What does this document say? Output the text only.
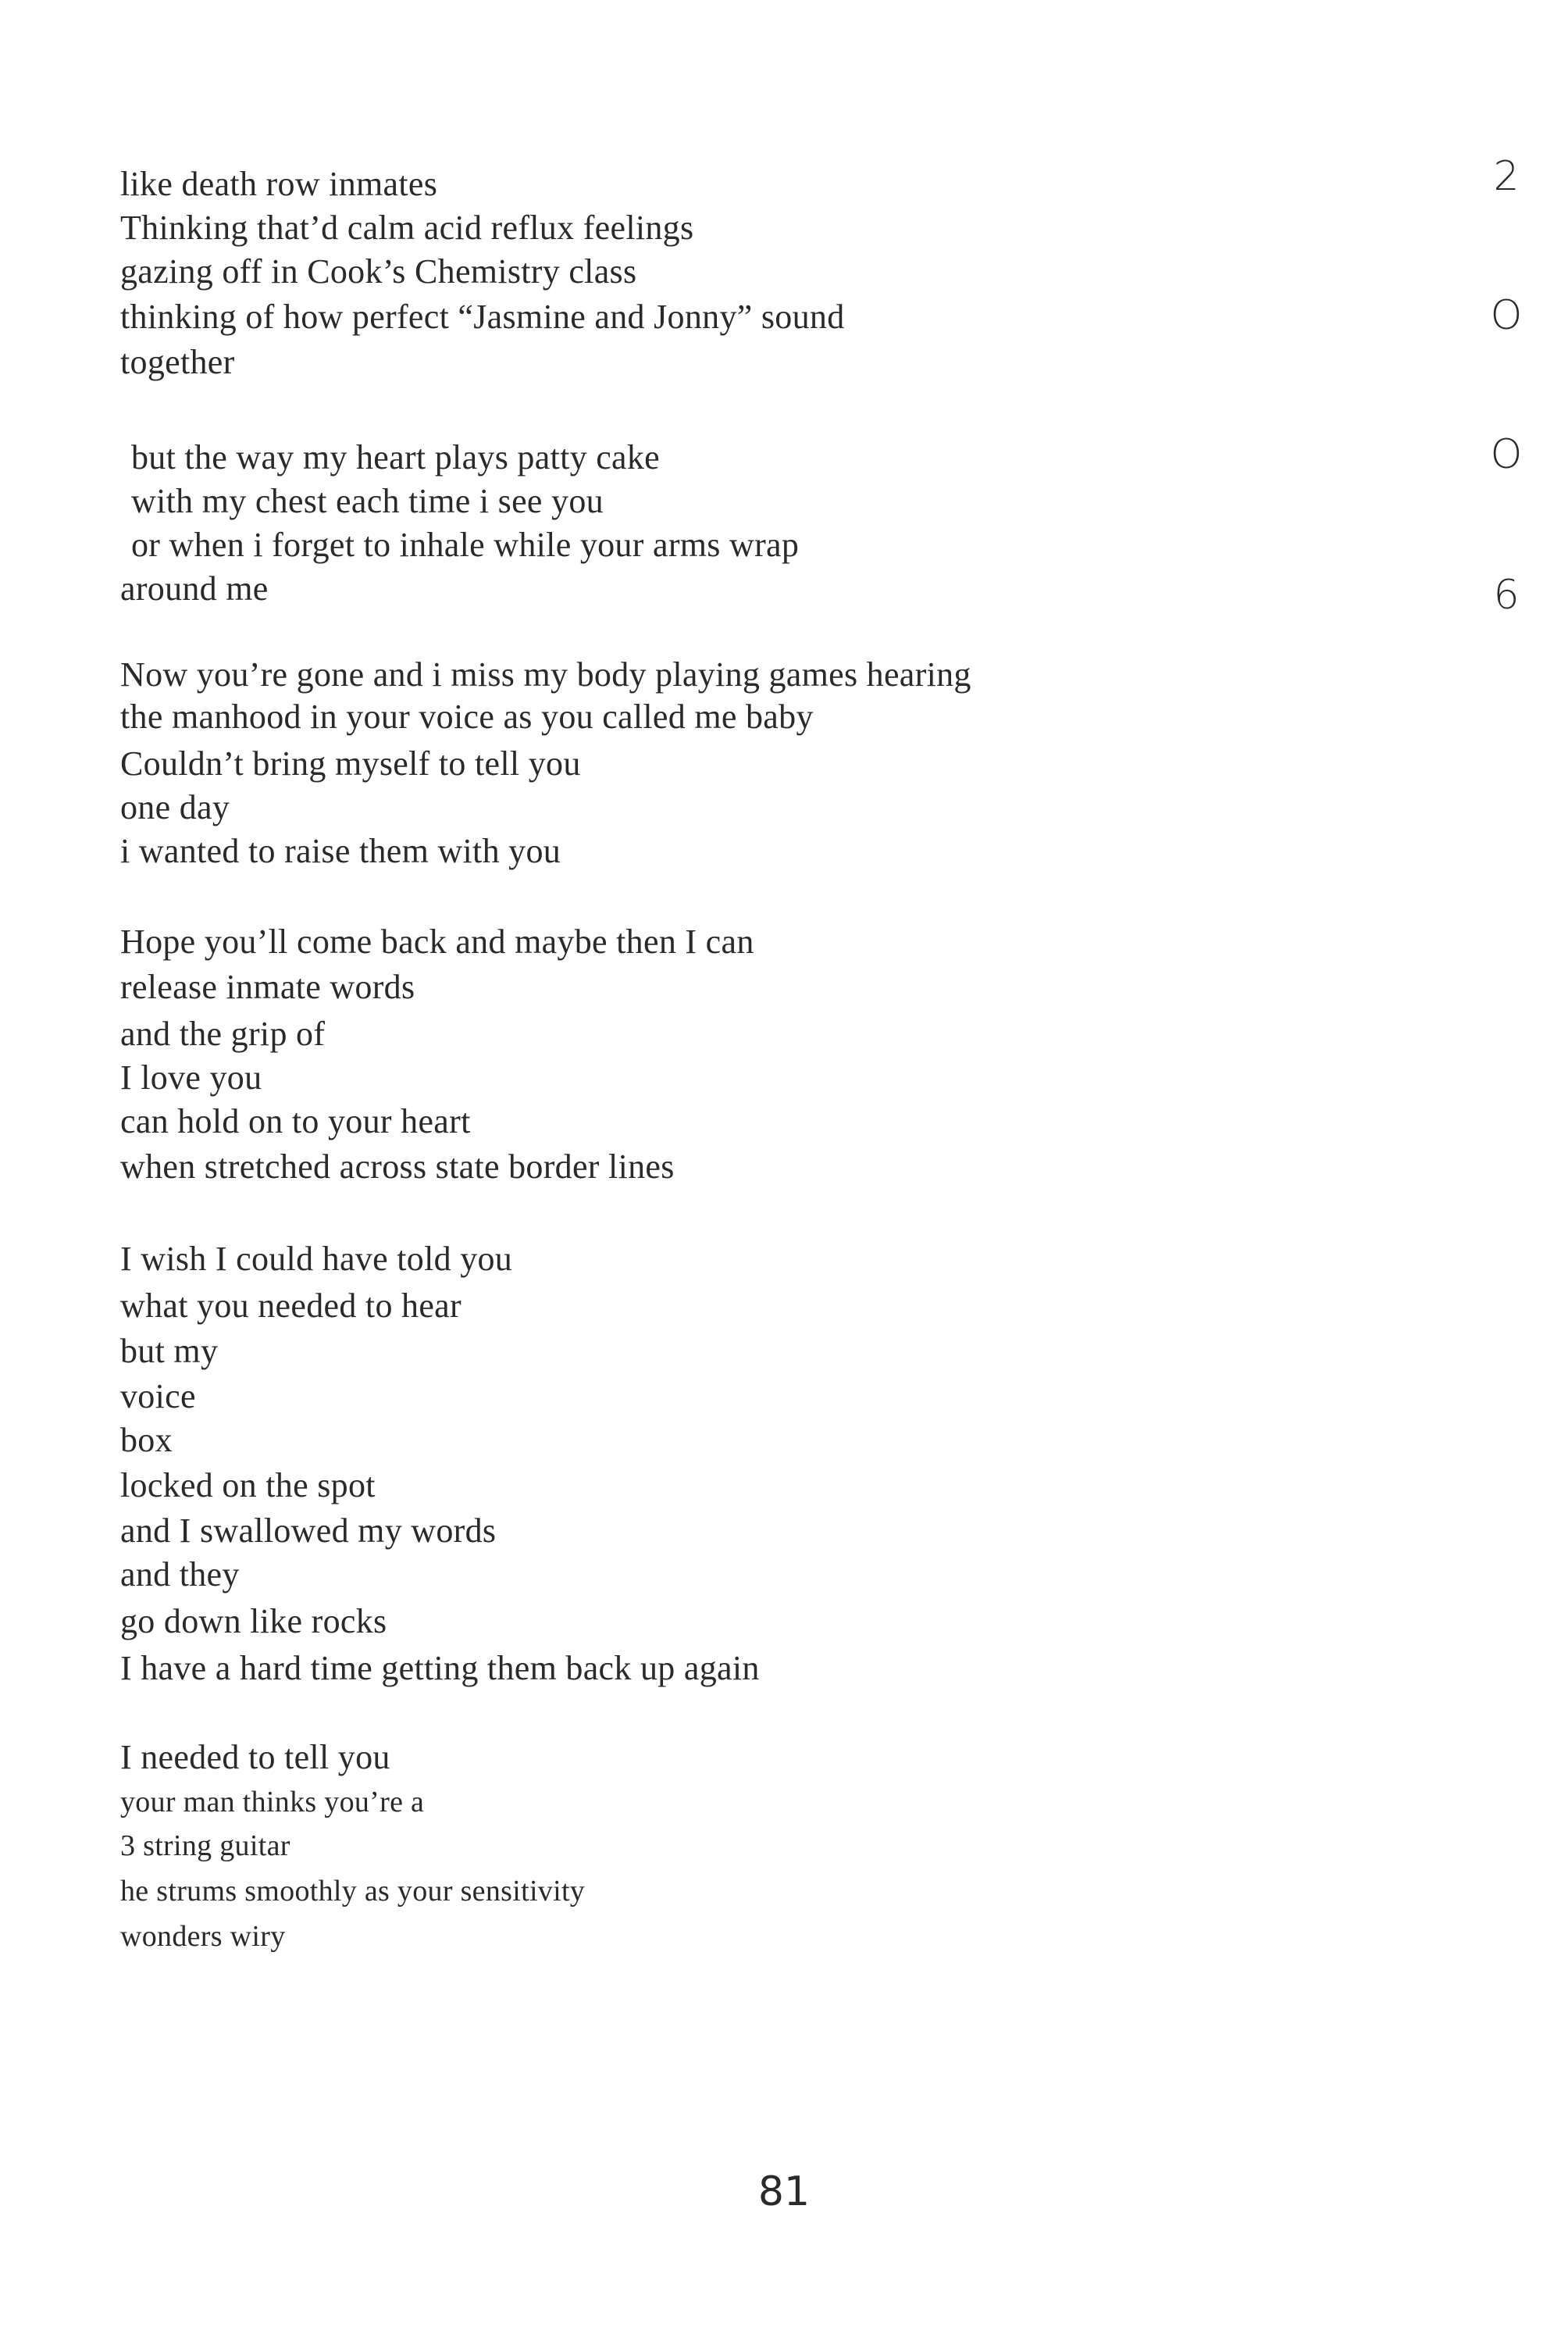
like death row inmates
Thinking that’d calm acid reflux feelings
gazing off in Cook’s Chemistry class
thinking of how perfect “Jasmine and Jonny” sound
together
but the way my heart plays patty cake
with my chest each time i see you
or when i forget to inhale while your arms wrap
around me
Now you’re gone and i miss my body playing games hearing
the manhood in your voice as you called me baby
Couldn’t bring myself to tell you
one day
i wanted to raise them with you
Hope you’ll come back and maybe then I can
release inmate words
and the grip of
I love you
can hold on to your heart
when stretched across state border lines
I wish I could have told you
what you needed to hear
but my
voice
box
locked on the spot
and I swallowed my words
and they
go down like rocks
I have a hard time getting them back up again
I needed to tell you
your man thinks you’re a
3 string guitar
he strums smoothly as your sensitivity
wonders wiry
2
O
O
6
81
